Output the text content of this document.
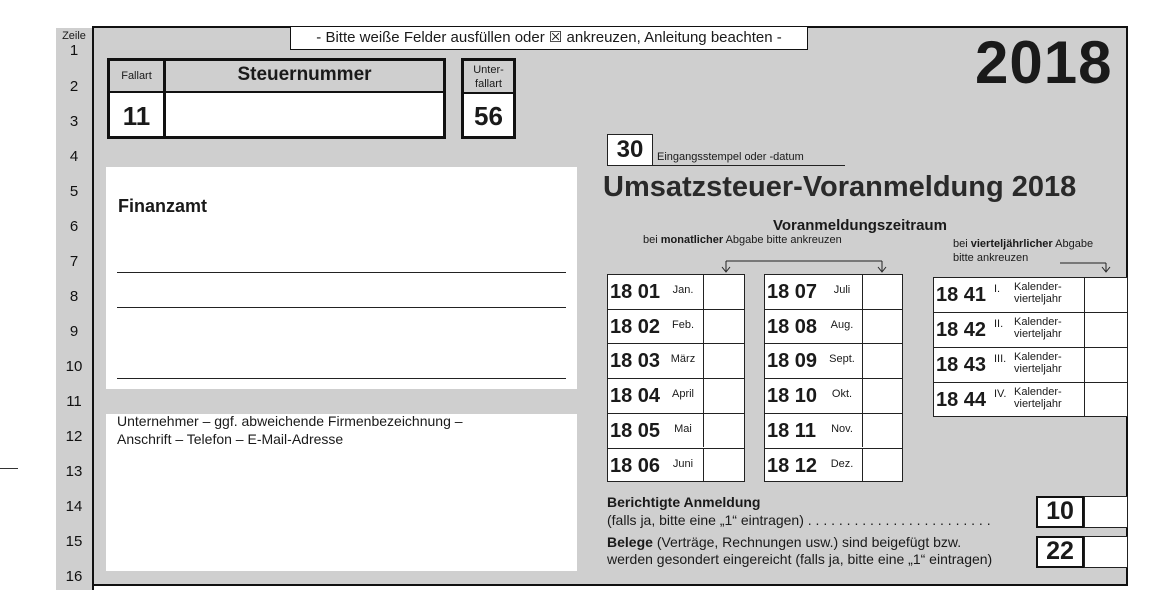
Zeile
1
2
3
4
5
6
7
8
9
10
11
12
13
14
15
16
- Bitte weiße Felder ausfüllen oder ☒ ankreuzen, Anleitung beachten -	2018
Fallart	Steuernummer
11
Unter-fallart
56
30	Eingangsstempel oder -datum
Umsatzsteuer-Voranmeldung 2018
Finanzamt
Unternehmer – ggf. abweichende Firmenbezeichnung –
Anschrift – Telefon – E-Mail-Adresse
Voranmeldungszeitraum
bei monatlicher Abgabe bitte ankreuzen	bei vierteljährlicher Abgabe
bitte ankreuzen
18 01	Jan.
18 02	Feb.
18 03 März
18 04	April
18 05	Mai
18 06	Juni
18 07	Juli
18 08	Aug.
18 09	Sept.
18 10	Okt.
18 11	Nov.
18 12	Dez.
18 41 I. Kalender-
vierteljahr
18 42 II. Kalender-
vierteljahr
18 43 III. Kalender-
vierteljahr
18 44 IV. Kalender-
vierteljahr
Berichtigte Anmeldung
(falls ja, bitte eine „1“ eintragen) . . . . . . . . . . . . . . . . . . . . . . . .	10
Belege (Verträge, Rechnungen usw.) sind beigefügt bzw.
werden gesondert eingereicht (falls ja, bitte eine „1“ eintragen)	22
